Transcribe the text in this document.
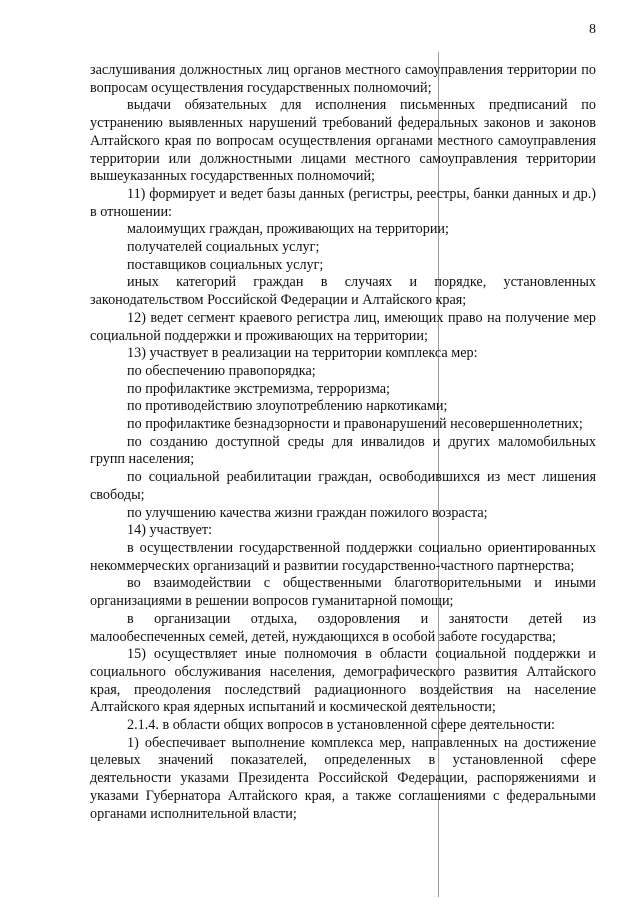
8

заслушивания должностных лиц органов местного самоуправления территории по вопросам осуществления государственных полномочий;

выдачи обязательных для исполнения письменных предписаний по устранению выявленных нарушений требований федеральных законов и законов Алтайского края по вопросам осуществления органами местного самоуправления территории или должностными лицами местного самоуправления территории вышеуказанных государственных полномочий;

11) формирует и ведет базы данных (регистры, реестры, банки данных и др.) в отношении:

малоимущих граждан, проживающих на территории;

получателей социальных услуг;

поставщиков социальных услуг;

иных категорий граждан в случаях и порядке, установленных законодательством Российской Федерации и Алтайского края;

12) ведет сегмент краевого регистра лиц, имеющих право на получение мер социальной поддержки и проживающих на территории;

13) участвует в реализации на территории комплекса мер:

по обеспечению правопорядка;

по профилактике экстремизма, терроризма;

по противодействию злоупотреблению наркотиками;

по профилактике безнадзорности и правонарушений несовершеннолетних;

по созданию доступной среды для инвалидов и других маломобильных групп населения;

по социальной реабилитации граждан, освободившихся из мест лишения свободы;

по улучшению качества жизни граждан пожилого возраста;

14) участвует:

в осуществлении государственной поддержки социально ориентированных некоммерческих организаций и развитии государственно-частного партнерства;

во взаимодействии с общественными благотворительными и иными организациями в решении вопросов гуманитарной помощи;

в организации отдыха, оздоровления и занятости детей из малообеспеченных семей, детей, нуждающихся в особой заботе государства;

15) осуществляет иные полномочия в области социальной поддержки и социального обслуживания населения, демографического развития Алтайского края, преодоления последствий радиационного воздействия на население Алтайского края ядерных испытаний и космической деятельности;

2.1.4. в области общих вопросов в установленной сфере деятельности:

1) обеспечивает выполнение комплекса мер, направленных на достижение целевых значений показателей, определенных в установленной сфере деятельности указами Президента Российской Федерации, распоряжениями и указами Губернатора Алтайского края, а также соглашениями с федеральными органами исполнительной власти;
